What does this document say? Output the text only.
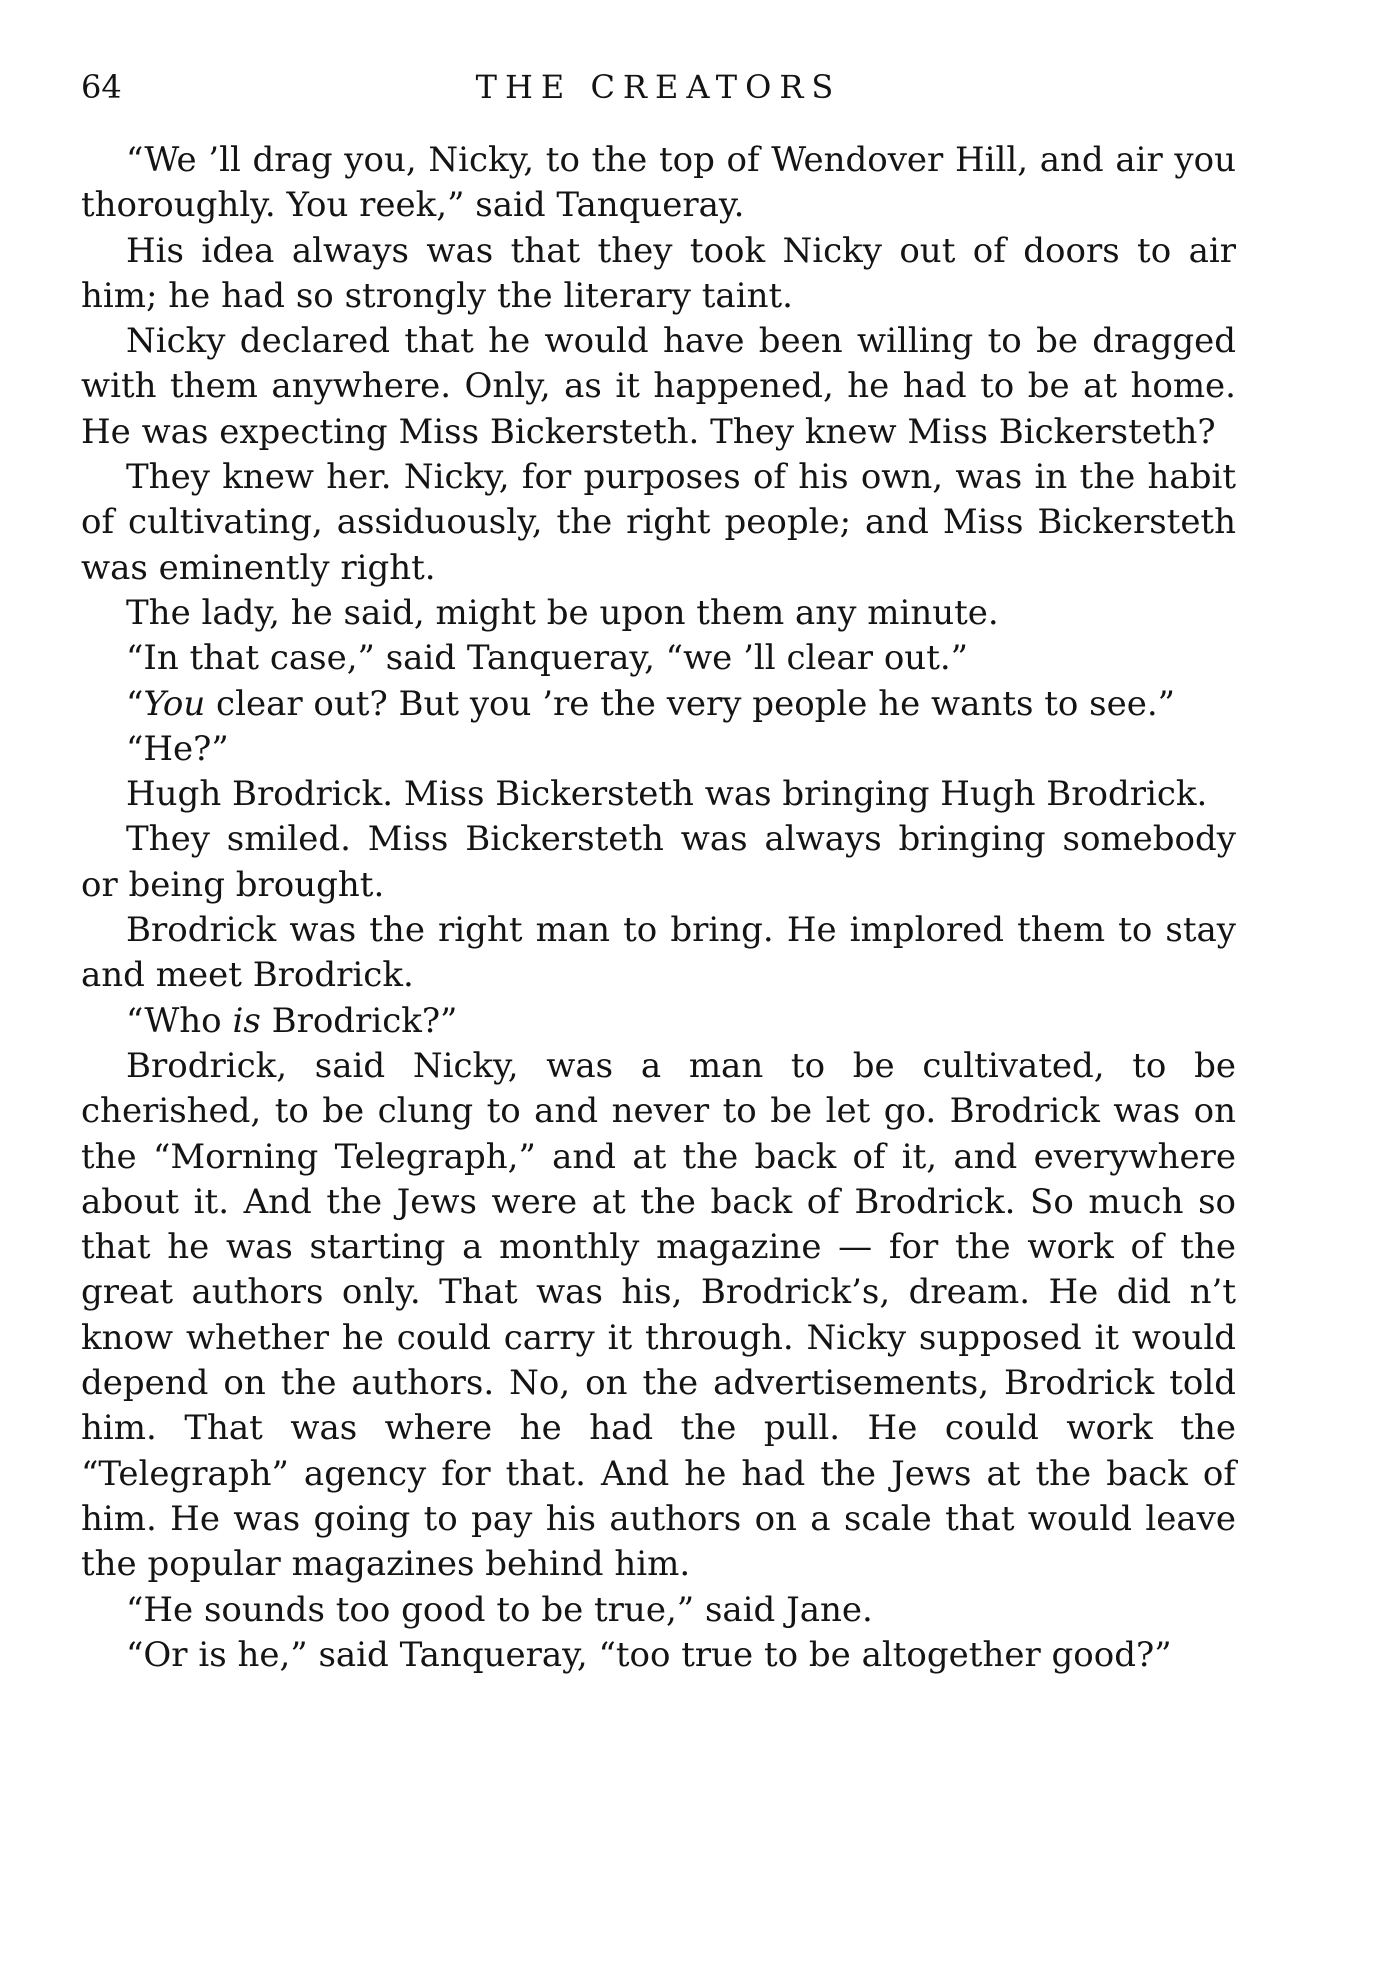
64	THE CREATORS

“We ’ll drag you, Nicky, to the top of Wendover Hill, and air you thoroughly. You reek,” said Tanqueray.

His idea always was that they took Nicky out of doors to air him; he had so strongly the literary taint.

Nicky declared that he would have been willing to be dragged with them anywhere. Only, as it happened, he had to be at home. He was expecting Miss Bickersteth. They knew Miss Bickersteth?

They knew her. Nicky, for purposes of his own, was in the habit of cultivating, assiduously, the right people; and Miss Bickersteth was eminently right.

The lady, he said, might be upon them any minute.

“In that case,” said Tanqueray, “we ’ll clear out.”

“You clear out? But you ’re the very people he wants to see.”

“He?”

Hugh Brodrick. Miss Bickersteth was bringing Hugh Brodrick.

They smiled. Miss Bickersteth was always bringing somebody or being brought.

Brodrick was the right man to bring. He implored them to stay and meet Brodrick.

“Who is Brodrick?”

Brodrick, said Nicky, was a man to be cultivated, to be cherished, to be clung to and never to be let go. Brodrick was on the “Morning Telegraph,” and at the back of it, and everywhere about it. And the Jews were at the back of Brodrick. So much so that he was starting a monthly magazine — for the work of the great authors only. That was his, Brodrick’s, dream. He did n’t know whether he could carry it through. Nicky supposed it would depend on the authors. No, on the advertisements, Brodrick told him. That was where he had the pull. He could work the “Telegraph” agency for that. And he had the Jews at the back of him. He was going to pay his authors on a scale that would leave the popular magazines behind him.

“He sounds too good to be true,” said Jane.

“Or is he,” said Tanqueray, “too true to be altogether good?”
